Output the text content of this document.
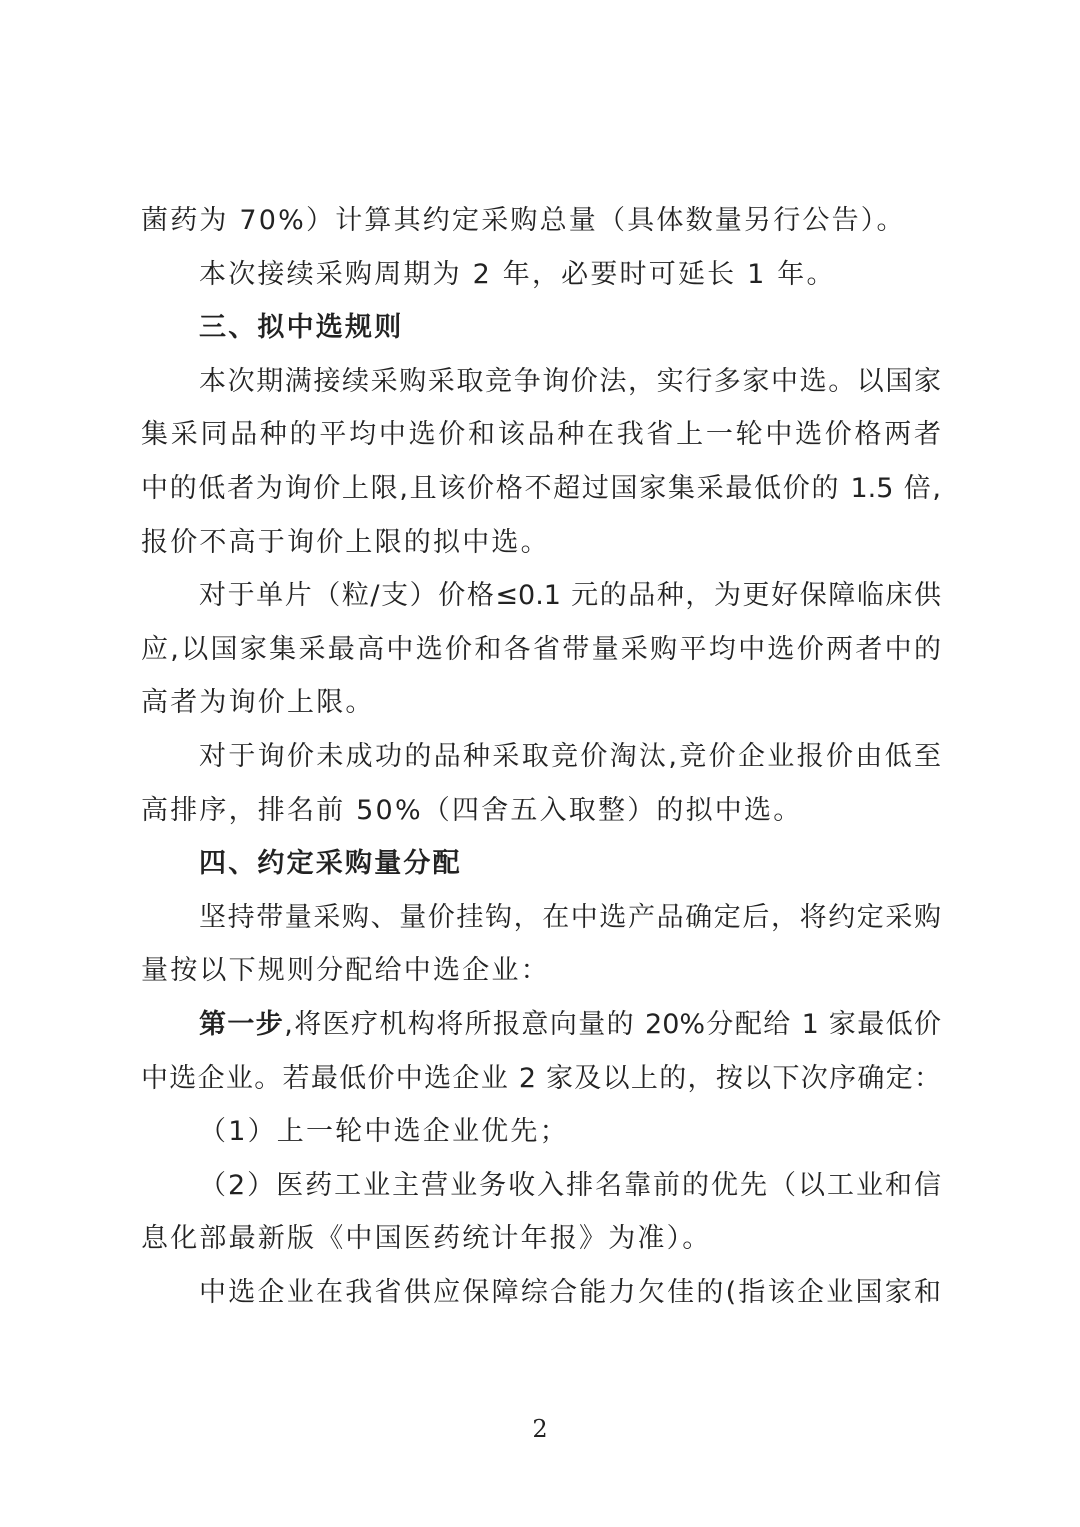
菌药为 70%）计算其约定采购总量（具体数量另行公告）。
本次接续采购周期为 2 年，必要时可延长 1 年。
三、拟中选规则
本次期满接续采购采取竞争询价法，实行多家中选。以国家
集采同品种的平均中选价和该品种在我省上一轮中选价格两者
中的低者为询价上限,且该价格不超过国家集采最低价的 1.5 倍,
报价不高于询价上限的拟中选。
对于单片（粒/支）价格≤0.1 元的品种，为更好保障临床供
应,以国家集采最高中选价和各省带量采购平均中选价两者中的
高者为询价上限。
对于询价未成功的品种采取竞价淘汰,竞价企业报价由低至
高排序，排名前 50%（四舍五入取整）的拟中选。
四、约定采购量分配
坚持带量采购、量价挂钩，在中选产品确定后，将约定采购
量按以下规则分配给中选企业：
第一步,将医疗机构将所报意向量的 20%分配给 1 家最低价
中选企业。若最低价中选企业 2 家及以上的，按以下次序确定：
（1）上一轮中选企业优先；
（2）医药工业主营业务收入排名靠前的优先（以工业和信
息化部最新版《中国医药统计年报》为准）。
中选企业在我省供应保障综合能力欠佳的(指该企业国家和
2
